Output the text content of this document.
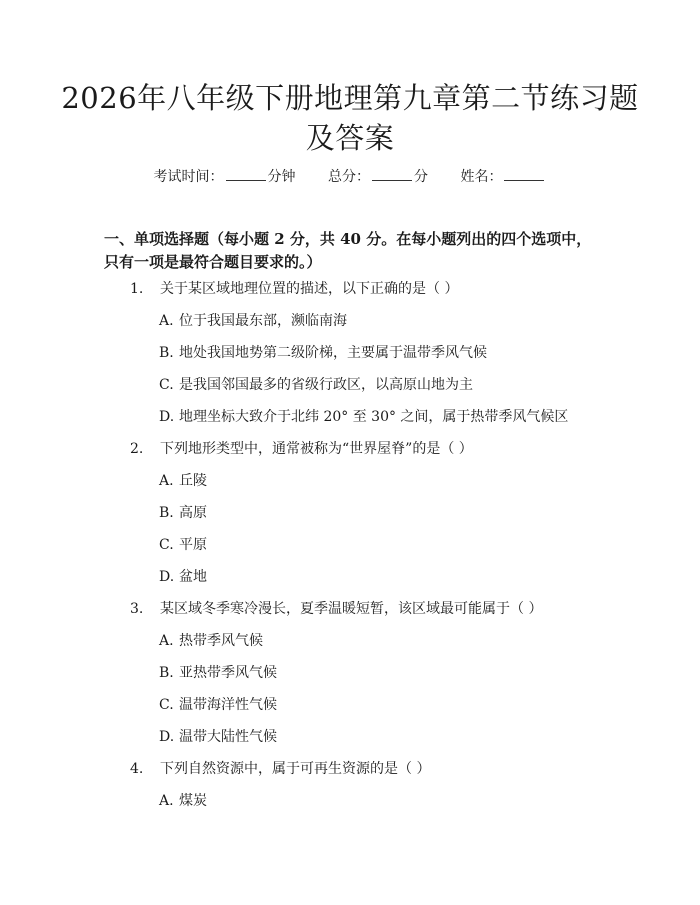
2026年八年级下册地理第九章第二节练习题
及答案
考试时间：	分钟 总分：	分 姓名：
一、单项选择题（每小题 2 分，共 40 分。在每小题列出的四个选项中，只有一项是最符合题目要求的。）
1. 关于某区域地理位置的描述，以下正确的是（ ）
A. 位于我国最东部，濒临南海
B. 地处我国地势第二级阶梯，主要属于温带季风气候
C. 是我国邻国最多的省级行政区，以高原山地为主
D. 地理坐标大致介于北纬 20° 至 30° 之间，属于热带季风气候区
2. 下列地形类型中，通常被称为“世界屋脊”的是（ ）
A. 丘陵
B. 高原
C. 平原
D. 盆地
3. 某区域冬季寒冷漫长，夏季温暖短暂，该区域最可能属于（ ）
A. 热带季风气候
B. 亚热带季风气候
C. 温带海洋性气候
D. 温带大陆性气候
4. 下列自然资源中，属于可再生资源的是（ ）
A. 煤炭
